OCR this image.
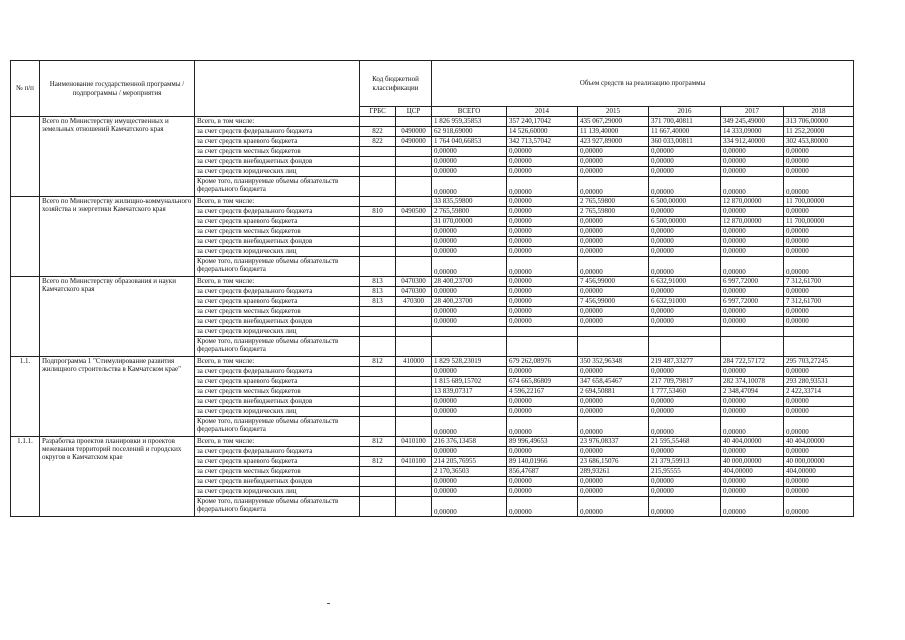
№ п/п	Наименование государственной программы / подпрограммы / мероприятия		Код бюджетной классификации		Объем средств на реализацию программы					
			ГРБС	ЦСР	ВСЕГО	2014	2015	2016	2017	2018
	Всего по Министерству имущественных и земельных отношений Камчатского края	Всего, в том числе:			1 826 959,35853	357 240,17042	435 067,29000	371 700,40811	349 245,49000	313 706,00000
		за счет средств федерального бюджета	822	0490000	62 918,69000	14 526,60000	11 139,40000	11 667,40000	14 333,09000	11 252,20000
		за счет средств краевого бюджета	822	0490000	1 764 040,66853	342 713,57042	423 927,89000	360 033,00811	334 912,40000	302 453,80000
		за счет средств местных бюджетов			0,00000	0,00000	0,00000	0,00000	0,00000	0,00000
		за счет средств внебюджетных фондов			0,00000	0,00000	0,00000	0,00000	0,00000	0,00000
		за счет средств юридических лиц			0,00000	0,00000	0,00000	0,00000	0,00000	0,00000
		Кроме того, планируемые объемы обязательств федерального бюджета			0,00000	0,00000	0,00000	0,00000	0,00000	0,00000
	Всего по Министерству жилищно-коммунального хозяйства и энергетики Камчатского края	Всего, в том числе:			33 835,59800	0,00000	2 765,59800	6 500,00000	12 870,00000	11 700,00000
		за счет средств федерального бюджета	810	0490500	2 765,59800	0,00000	2 765,59800	0,00000	0,00000	0,00000
		за счет средств краевого бюджета			31 070,00000	0,00000	0,00000	6 500,00000	12 870,00000	11 700,00000
		за счет средств местных бюджетов			0,00000	0,00000	0,00000	0,00000	0,00000	0,00000
		за счет средств внебюджетных фондов			0,00000	0,00000	0,00000	0,00000	0,00000	0,00000
		за счет средств юридических лиц			0,00000	0,00000	0,00000	0,00000	0,00000	0,00000
		Кроме того, планируемые объемы обязательств федерального бюджета			0,00000	0,00000	0,00000	0,00000	0,00000	0,00000
	Всего по Министерству образования и науки Камчатского края	Всего, в том числе:	813	0470300	28 400,23700	0,00000	7 456,99000	6 632,91000	6 997,72000	7 312,61700
		за счет средств федерального бюджета	813	0470300	0,00000	0,00000	0,00000	0,00000	0,00000	0,00000
		за счет средств краевого бюджета	813	470300	28 400,23700	0,00000	7 456,99000	6 632,91000	6 997,72000	7 312,61700
		за счет средств местных бюджетов			0,00000	0,00000	0,00000	0,00000	0,00000	0,00000
		за счет средств внебюджетных фондов			0,00000	0,00000	0,00000	0,00000	0,00000	0,00000
		за счет средств юридических лиц								
		Кроме того, планируемые объемы обязательств федерального бюджета								
1.1.	Подпрограмма 1 "Стимулирование развития жилищного строительства в Камчатском крае"	Всего, в том числе:	812	410000	1 829 528,23019	679 262,08976	350 352,96348	219 487,33277	284 722,57172	295 703,27245
		за счет средств федерального бюджета			0,00000	0,00000	0,00000	0,00000	0,00000	0,00000
		за счет средств краевого бюджета			1 815 689,15702	674 665,86809	347 658,45467	217 709,79817	282 374,10078	293 280,93531
		за счет средств местных бюджетов			13 839,07317	4 596,22167	2 694,50881	1 777,53460	2 348,47094	2 422,33714
		за счет средств внебюджетных фондов			0,00000	0,00000	0,00000	0,00000	0,00000	0,00000
		за счет средств юридических лиц			0,00000	0,00000	0,00000	0,00000	0,00000	0,00000
		Кроме того, планируемые объемы обязательств федерального бюджета			0,00000	0,00000	0,00000	0,00000	0,00000	0,00000
1.1.1.	Разработка проектов планировки и проектов межевания территорий поселений и городских округов в Камчатском крае	Всего, в том числе:	812	0410100	216 376,13458	89 996,49653	23 976,08337	21 595,55468	40 404,00000	40 404,00000
		за счет средств федерального бюджета			0,00000	0,00000	0,00000	0,00000	0,00000	0,00000
		за счет средств краевого бюджета	812	0410100	214 205,76955	89 140,01966	23 686,15076	21 379,59913	40 000,00000	40 000,00000
		за счет средств местных бюджетов			2 170,36503	856,47687	289,93261	215,95555	404,00000	404,00000
		за счет средств внебюджетных фондов			0,00000	0,00000	0,00000	0,00000	0,00000	0,00000
		за счет средств юридических лиц			0,00000	0,00000	0,00000	0,00000	0,00000	0,00000
		Кроме того, планируемые объемы обязательств федерального бюджета			0,00000	0,00000	0,00000	0,00000	0,00000	0,00000
